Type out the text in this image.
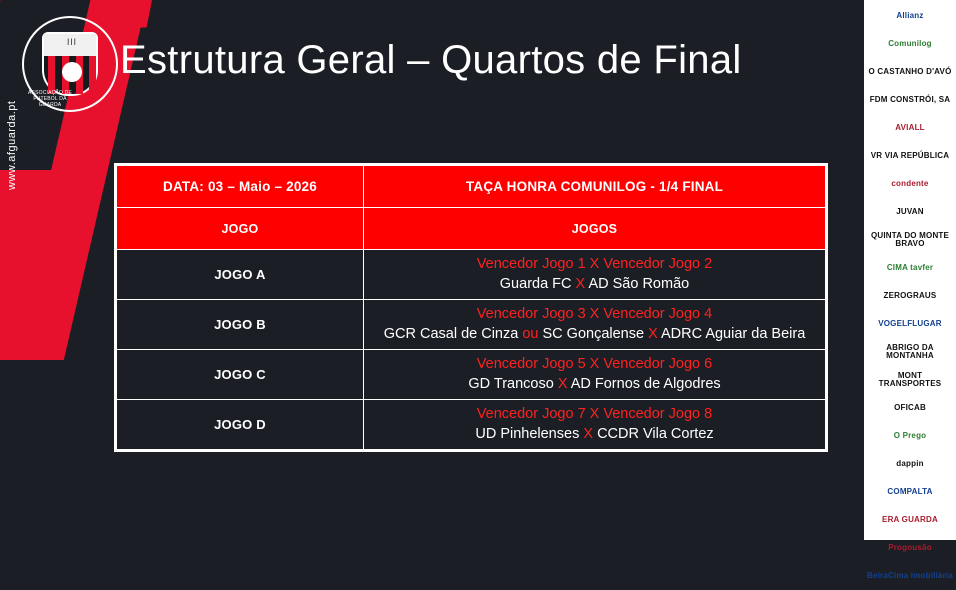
ǀǀǀ
ASSOCIAÇÃO DE FUTEBOL DA GUARDA
www.afguarda.pt
Estrutura Geral – Quartos de Final
DATA: 03 – Maio – 2026	TAÇA HONRA COMUNILOG - 1/4 FINAL
JOGO	JOGOS
JOGO A	Vencedor Jogo 1 X Vencedor Jogo 2
Guarda FC X AD São Romão

JOGO B	Vencedor Jogo 3 X Vencedor Jogo 4
GCR Casal de Cinza ou SC Gonçalense X ADRC Aguiar da Beira

JOGO C	Vencedor Jogo 5 X Vencedor Jogo 6
GD Trancoso X AD Fornos de Algodres

JOGO D	Vencedor Jogo 7 X Vencedor Jogo 8
UD Pinhelenses X CCDR Vila Cortez
Allianz
Comunilog
O CASTANHO D'AVÓ
FDM CONSTRÓI, SA
AVIALL
VR VIA REPÚBLICA
condente
JUVAN
QUINTA DO MONTE BRAVO
CIMA tavfer
ZEROGRAUS
VOGELFLUGAR
ABRIGO DA MONTANHA
MONT TRANSPORTES
OFICAB
O Prego
dappin
COMPALTA
ERA GUARDA
Progousão
BeiraCima Imobiliária
